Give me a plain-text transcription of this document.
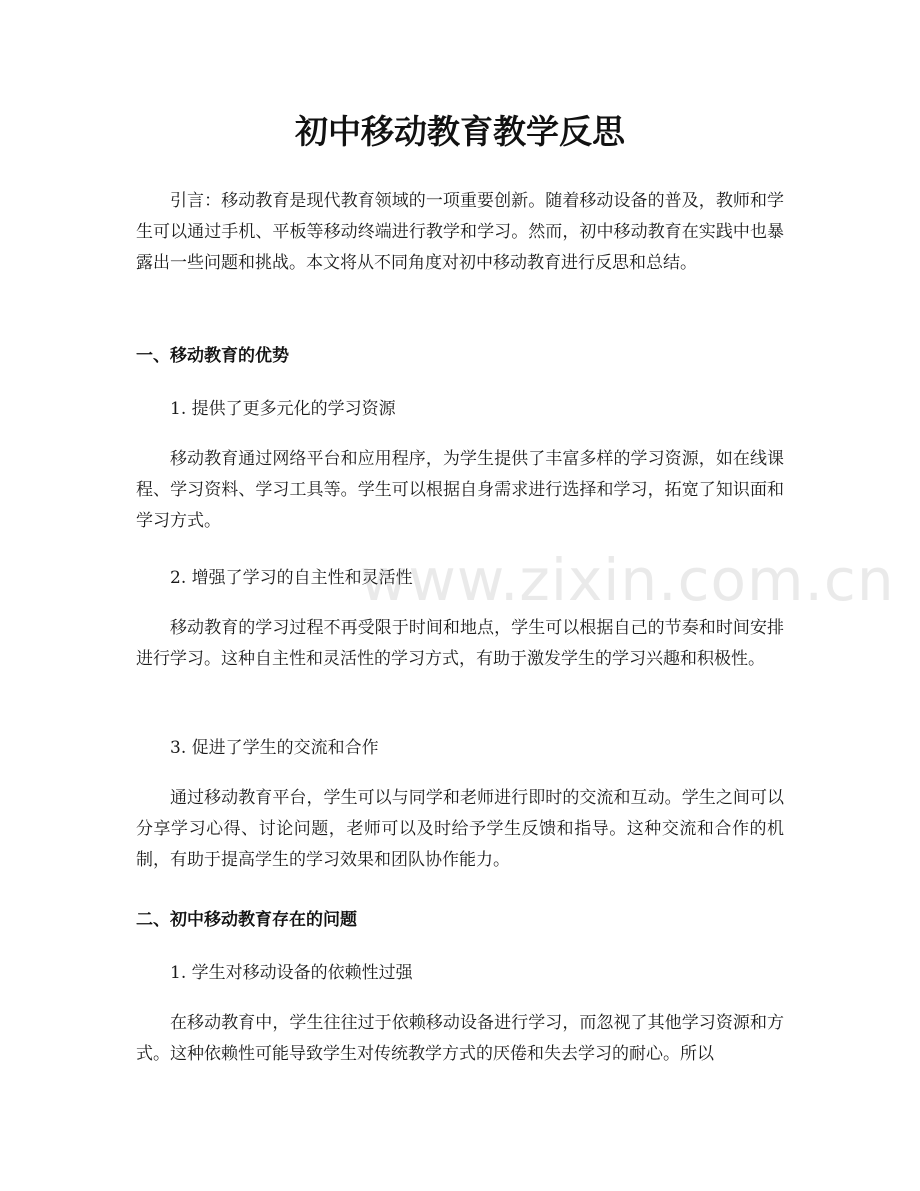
初中移动教育教学反思

引言：移动教育是现代教育领域的一项重要创新。随着移动设备的普及，教师和学生可以通过手机、平板等移动终端进行教学和学习。然而，初中移动教育在实践中也暴露出一些问题和挑战。本文将从不同角度对初中移动教育进行反思和总结。

一、移动教育的优势

1. 提供了更多元化的学习资源

移动教育通过网络平台和应用程序，为学生提供了丰富多样的学习资源，如在线课程、学习资料、学习工具等。学生可以根据自身需求进行选择和学习，拓宽了知识面和学习方式。

2. 增强了学习的自主性和灵活性

移动教育的学习过程不再受限于时间和地点，学生可以根据自己的节奏和时间安排进行学习。这种自主性和灵活性的学习方式，有助于激发学生的学习兴趣和积极性。

3. 促进了学生的交流和合作

通过移动教育平台，学生可以与同学和老师进行即时的交流和互动。学生之间可以分享学习心得、讨论问题，老师可以及时给予学生反馈和指导。这种交流和合作的机制，有助于提高学生的学习效果和团队协作能力。

二、初中移动教育存在的问题

1. 学生对移动设备的依赖性过强

在移动教育中，学生往往过于依赖移动设备进行学习，而忽视了其他学习资源和方式。这种依赖性可能导致学生对传统教学方式的厌倦和失去学习的耐心。所以

www.zixin.com.cn
